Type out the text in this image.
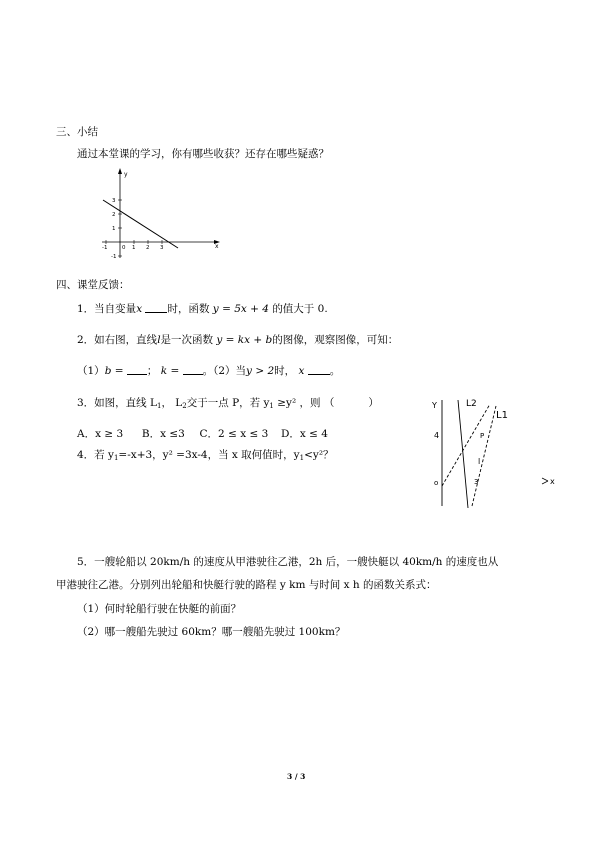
三、小结
通过本堂课的学习，你有哪些收获？还存在哪些疑惑？
y
x
3
2
1
-1
-1	0 1 2 3
四、课堂反馈：
1．当自变量x 时，函数 y = 5x + 4 的值大于 0.
2．如右图，直线l是一次函数 y = kx + b的图像，观察图像，可知：
（1）b = ； k = 。（2）当y > 2时， x 。
3．如图，直线 $L_1$， $L_2$交于一点 P，若 $y_1 \ge y^2$ ，则 （	）
A．x ≥ 3 B．x ≤3 C．2 ≤ x ≤ 3 D．x ≤ 4
4．若 $y_1=-x+3$，y² =3x-4，当 x 取何值时，$y_1<y^2$？
Y	L2
L1
P
4
l
3
o	x
5．一艘轮船以 20km/h 的速度从甲港驶往乙港，2h 后，一艘快艇以 40km/h 的速度也从
甲港驶往乙港。分别列出轮船和快艇行驶的路程 y km 与时间 x h 的函数关系式：
（1）何时轮船行驶在快艇的前面？
（2）哪一艘船先驶过 60km？哪一艘船先驶过 100km？
3 / 3
